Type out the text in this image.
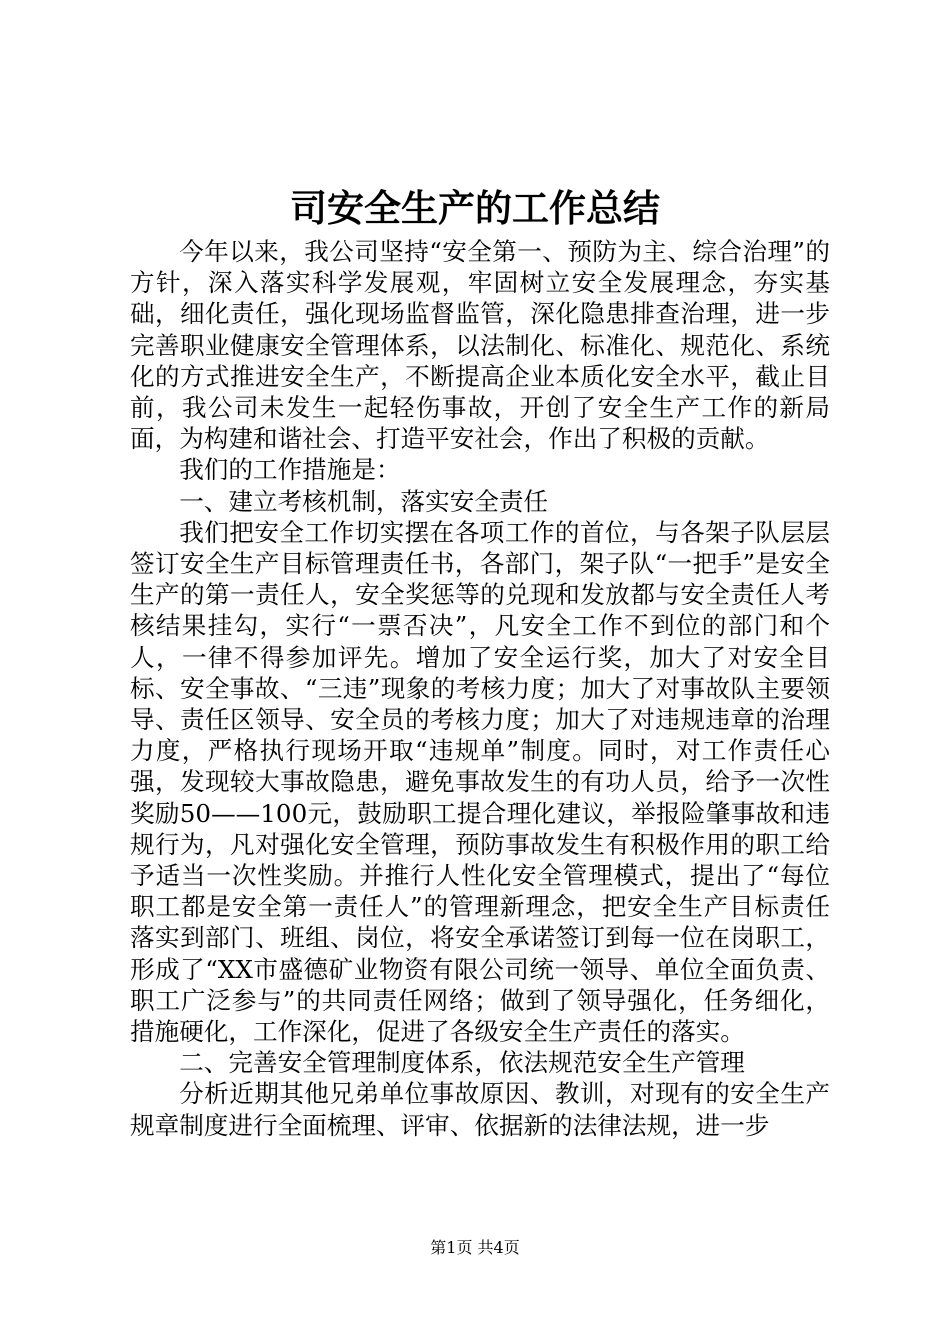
司安全生产的工作总结

今年以来，我公司坚持“安全第一、预防为主、综合治理”的方针，深入落实科学发展观，牢固树立安全发展理念，夯实基础，细化责任，强化现场监督监管，深化隐患排查治理，进一步完善职业健康安全管理体系，以法制化、标准化、规范化、系统化的方式推进安全生产，不断提高企业本质化安全水平，截止目前，我公司未发生一起轻伤事故，开创了安全生产工作的新局面，为构建和谐社会、打造平安社会，作出了积极的贡献。

我们的工作措施是：

一、建立考核机制，落实安全责任

我们把安全工作切实摆在各项工作的首位，与各架子队层层签订安全生产目标管理责任书，各部门，架子队“一把手”是安全生产的第一责任人，安全奖惩等的兑现和发放都与安全责任人考核结果挂勾，实行“一票否决”，凡安全工作不到位的部门和个人，一律不得参加评先。增加了安全运行奖，加大了对安全目标、安全事故、“三违”现象的考核力度；加大了对事故队主要领导、责任区领导、安全员的考核力度；加大了对违规违章的治理力度，严格执行现场开取“违规单”制度。同时，对工作责任心强，发现较大事故隐患，避免事故发生的有功人员，给予一次性奖励50——100元，鼓励职工提合理化建议，举报险肇事故和违规行为，凡对强化安全管理，预防事故发生有积极作用的职工给予适当一次性奖励。并推行人性化安全管理模式，提出了“每位职工都是安全第一责任人”的管理新理念，把安全生产目标责任落实到部门、班组、岗位，将安全承诺签订到每一位在岗职工，形成了“XX市盛德矿业物资有限公司统一领导、单位全面负责、职工广泛参与”的共同责任网络；做到了领导强化，任务细化，措施硬化，工作深化，促进了各级安全生产责任的落实。

二、完善安全管理制度体系，依法规范安全生产管理

分析近期其他兄弟单位事故原因、教训，对现有的安全生产规章制度进行全面梳理、评审、依据新的法律法规，进一步

第1页 共4页
